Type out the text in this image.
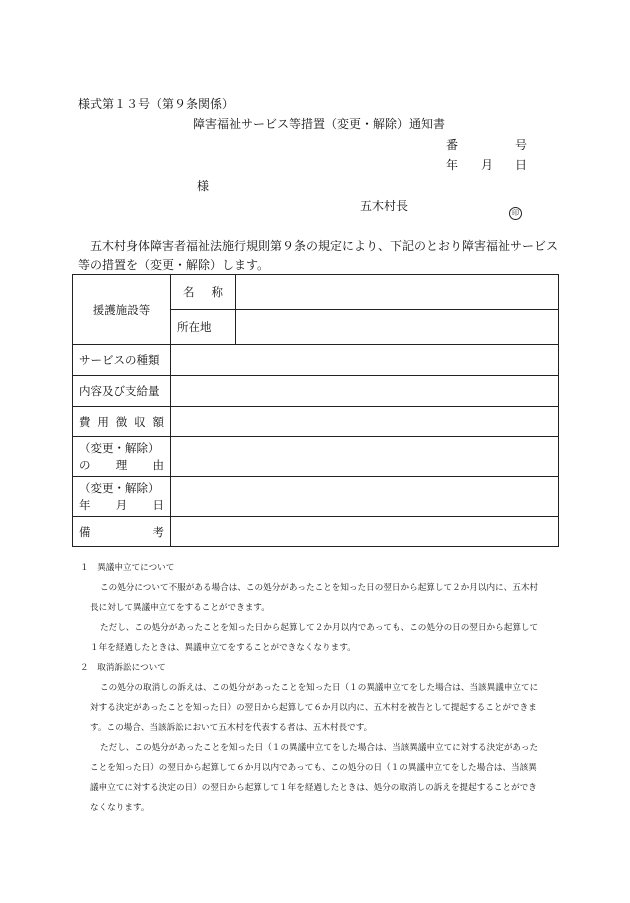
様式第１３号（第９条関係）
障害福祉サービス等措置（変更・解除）通知書
番	号
年 月 日
様
五木村長	印
五木村身体障害者福祉法施行規則第９条の規定により、下記のとおり障害福祉サービス
等の措置を（変更・解除）します。
援護施設等	名 称	

	所在地	
サービスの種類		
内容及び支給量		

費 用 徴 収 額		

（変更・解除）
の 理 由		

（変更・解除）
年 月 日		

備 考		

１　異議申立てについて
この処分について不服がある場合は、この処分があったことを知った日の翌日から起算して２か月以内に、五木村
長に対して異議申立てをすることができます。
ただし、この処分があったことを知った日から起算して２か月以内であっても、この処分の日の翌日から起算して
１年を経過したときは、異議申立てをすることができなくなります。
２　取消訴訟について
この処分の取消しの訴えは、この処分があったことを知った日（１の異議申立てをした場合は、当該異議申立てに
対する決定があったことを知った日）の翌日から起算して６か月以内に、五木村を被告として提起することができま
す。この場合、当該訴訟において五木村を代表する者は、五木村長です。
ただし、この処分があったことを知った日（１の異議申立てをした場合は、当該異議申立てに対する決定があった
ことを知った日）の翌日から起算して６か月以内であっても、この処分の日（１の異議申立てをした場合は、当該異
議申立てに対する決定の日）の翌日から起算して１年を経過したときは、処分の取消しの訴えを提起することができ
なくなります。
